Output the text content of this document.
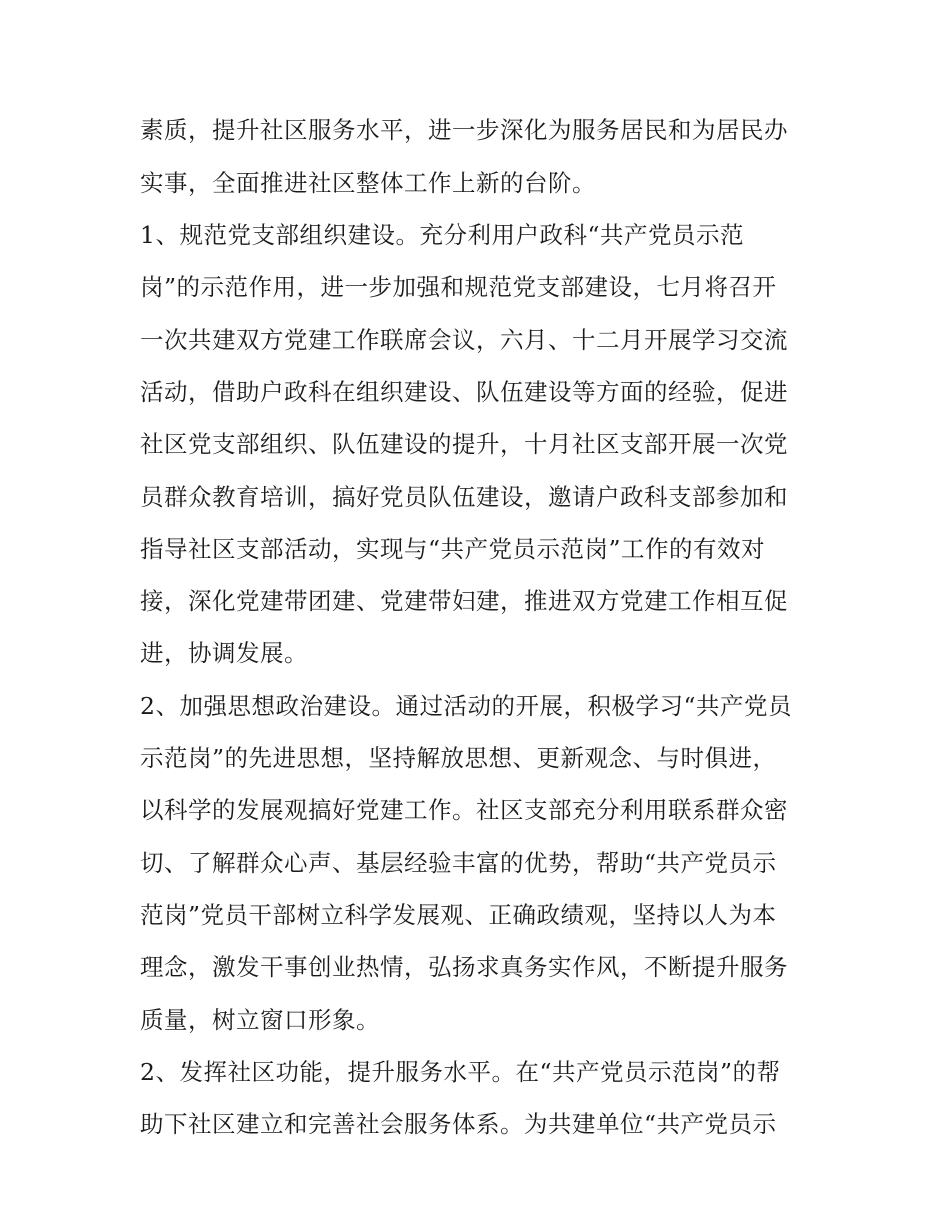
素质，提升社区服务水平，进一步深化为服务居民和为居民办
实事，全面推进社区整体工作上新的台阶。
1、规范党支部组织建设。充分利用户政科“共产党员示范
岗”的示范作用，进一步加强和规范党支部建设，七月将召开
一次共建双方党建工作联席会议，六月、十二月开展学习交流
活动，借助户政科在组织建设、队伍建设等方面的经验，促进
社区党支部组织、队伍建设的提升，十月社区支部开展一次党
员群众教育培训，搞好党员队伍建设，邀请户政科支部参加和
指导社区支部活动，实现与“共产党员示范岗”工作的有效对
接，深化党建带团建、党建带妇建，推进双方党建工作相互促
进，协调发展。
2、加强思想政治建设。通过活动的开展，积极学习“共产党员
示范岗”的先进思想，坚持解放思想、更新观念、与时俱进，
以科学的发展观搞好党建工作。社区支部充分利用联系群众密
切、了解群众心声、基层经验丰富的优势，帮助“共产党员示
范岗”党员干部树立科学发展观、正确政绩观，坚持以人为本
理念，激发干事创业热情，弘扬求真务实作风，不断提升服务
质量，树立窗口形象。
2、发挥社区功能，提升服务水平。在“共产党员示范岗”的帮
助下社区建立和完善社会服务体系。为共建单位“共产党员示
